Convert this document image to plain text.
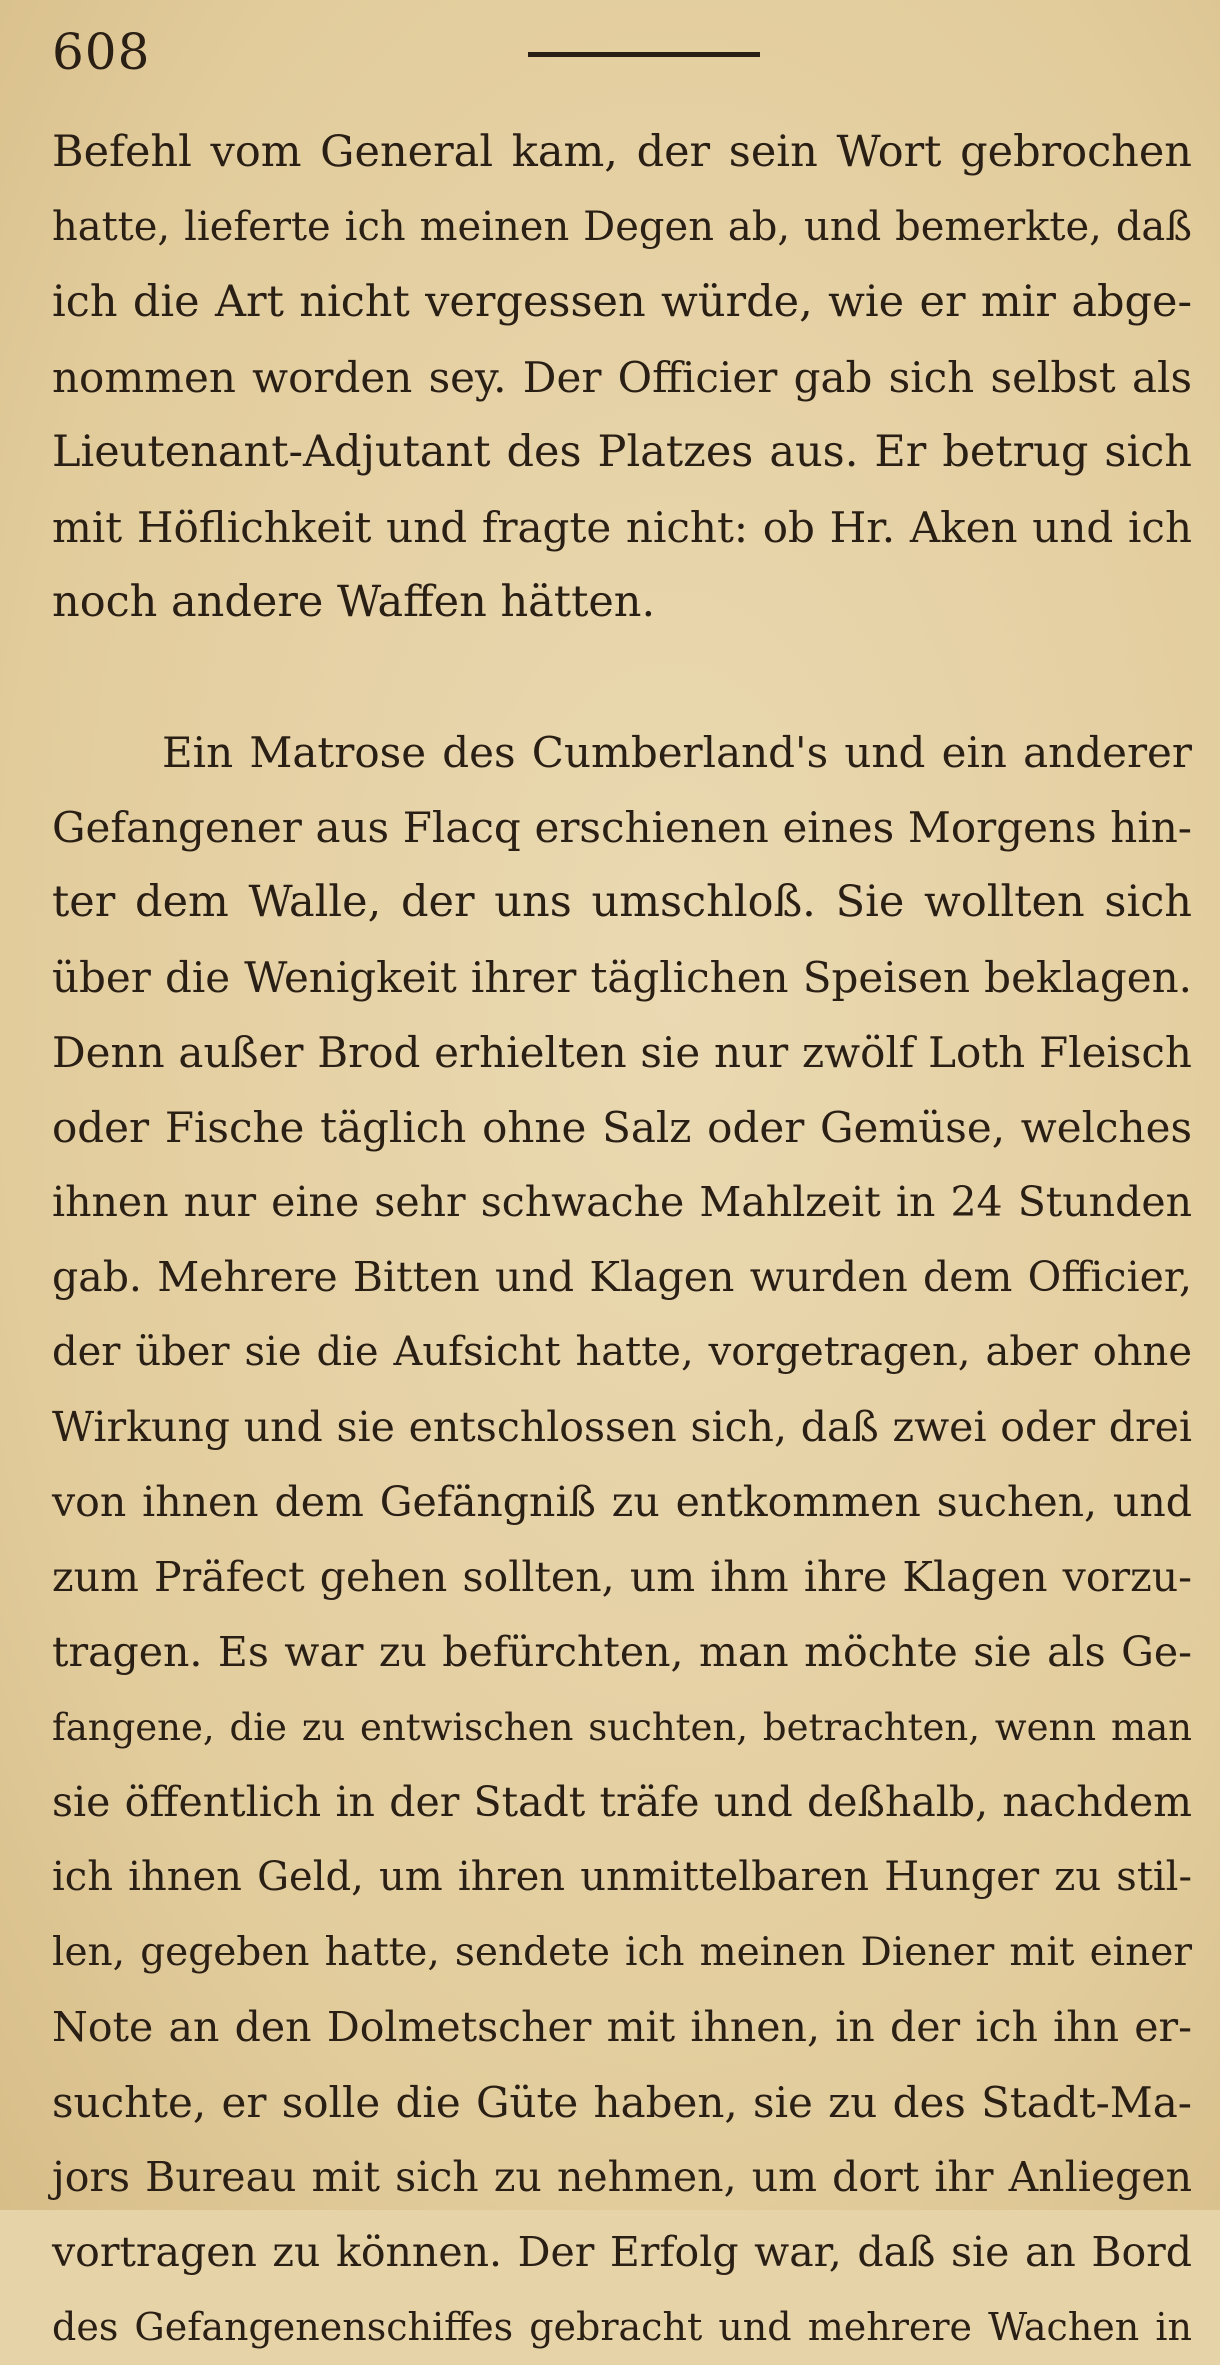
608
Befehl vom General kam, der sein Wort gebrochen
hatte, lieferte ich meinen Degen ab, und bemerkte, daß
ich die Art nicht vergessen würde, wie er mir abge-
nommen worden sey. Der Officier gab sich selbst als
Lieutenant-Adjutant des Platzes aus. Er betrug sich
mit Höflichkeit und fragte nicht: ob Hr. Aken und ich
noch andere Waffen hätten.
Ein Matrose des Cumberland's und ein anderer
Gefangener aus Flacq erschienen eines Morgens hin-
ter dem Walle, der uns umschloß. Sie wollten sich
über die Wenigkeit ihrer täglichen Speisen beklagen.
Denn außer Brod erhielten sie nur zwölf Loth Fleisch
oder Fische täglich ohne Salz oder Gemüse, welches
ihnen nur eine sehr schwache Mahlzeit in 24 Stunden
gab. Mehrere Bitten und Klagen wurden dem Officier,
der über sie die Aufsicht hatte, vorgetragen, aber ohne
Wirkung und sie entschlossen sich, daß zwei oder drei
von ihnen dem Gefängniß zu entkommen suchen, und
zum Präfect gehen sollten, um ihm ihre Klagen vorzu-
tragen. Es war zu befürchten, man möchte sie als Ge-
fangene, die zu entwischen suchten, betrachten, wenn man
sie öffentlich in der Stadt träfe und deßhalb, nachdem
ich ihnen Geld, um ihren unmittelbaren Hunger zu stil-
len, gegeben hatte, sendete ich meinen Diener mit einer
Note an den Dolmetscher mit ihnen, in der ich ihn er-
suchte, er solle die Güte haben, sie zu des Stadt-Ma-
jors Bureau mit sich zu nehmen, um dort ihr Anliegen
vortragen zu können. Der Erfolg war, daß sie an Bord
des Gefangenenschiffes gebracht und mehrere Wachen in
